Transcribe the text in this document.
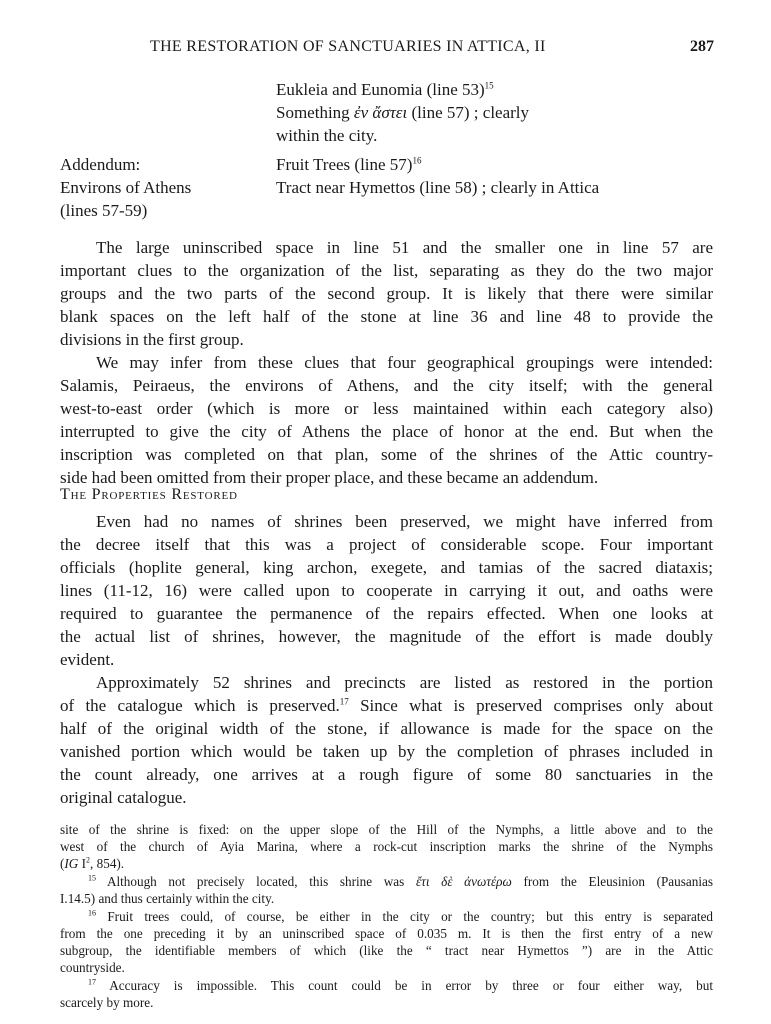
THE RESTORATION OF SANCTUARIES IN ATTICA, II	287
Eukleia and Eunomia (line 53)$^{15}$
Something ἐν ἄστει (line 57) ; clearly
within the city.
Addendum:
Environs of Athens
(lines 57-59)
Fruit Trees (line 57)$^{16}$
Tract near Hymettos (line 58) ; clearly in Attica
The large uninscribed space in line 51 and the smaller one in line 57 are
important clues to the organization of the list, separating as they do the two major
groups and the two parts of the second group. It is likely that there were similar
blank spaces on the left half of the stone at line 36 and line 48 to provide the
divisions in the first group.
We may infer from these clues that four geographical groupings were intended:
Salamis, Peiraeus, the environs of Athens, and the city itself; with the general
west-to-east order (which is more or less maintained within each category also)
interrupted to give the city of Athens the place of honor at the end. But when the
inscription was completed on that plan, some of the shrines of the Attic country-
side had been omitted from their proper place, and these became an addendum.
The Properties Restored
Even had no names of shrines been preserved, we might have inferred from
the decree itself that this was a project of considerable scope. Four important
officials (hoplite general, king archon, exegete, and tamias of the sacred diataxis;
lines (11-12, 16) were called upon to cooperate in carrying it out, and oaths were
required to guarantee the permanence of the repairs effected. When one looks at
the actual list of shrines, however, the magnitude of the effort is made doubly
evident.
Approximately 52 shrines and precincts are listed as restored in the portion
of the catalogue which is preserved.$^{17}$ Since what is preserved comprises only about
half of the original width of the stone, if allowance is made for the space on the
vanished portion which would be taken up by the completion of phrases included in
the count already, one arrives at a rough figure of some 80 sanctuaries in the
original catalogue.
site of the shrine is fixed: on the upper slope of the Hill of the Nymphs, a little above and to the
west of the church of Ayia Marina, where a rock-cut inscription marks the shrine of the Nymphs
(IG I$^2$, 854).
$^{15}$ Although not precisely located, this shrine was ἔτι δὲ ἀνωτέρω from the Eleusinion (Pausanias
I.14.5) and thus certainly within the city.
$^{16}$ Fruit trees could, of course, be either in the city or the country; but this entry is separated
from the one preceding it by an uninscribed space of 0.035 m. It is then the first entry of a new
subgroup, the identifiable members of which (like the “ tract near Hymettos ”) are in the Attic
countryside.
$^{17}$ Accuracy is impossible. This count could be in error by three or four either way, but
scarcely by more.
